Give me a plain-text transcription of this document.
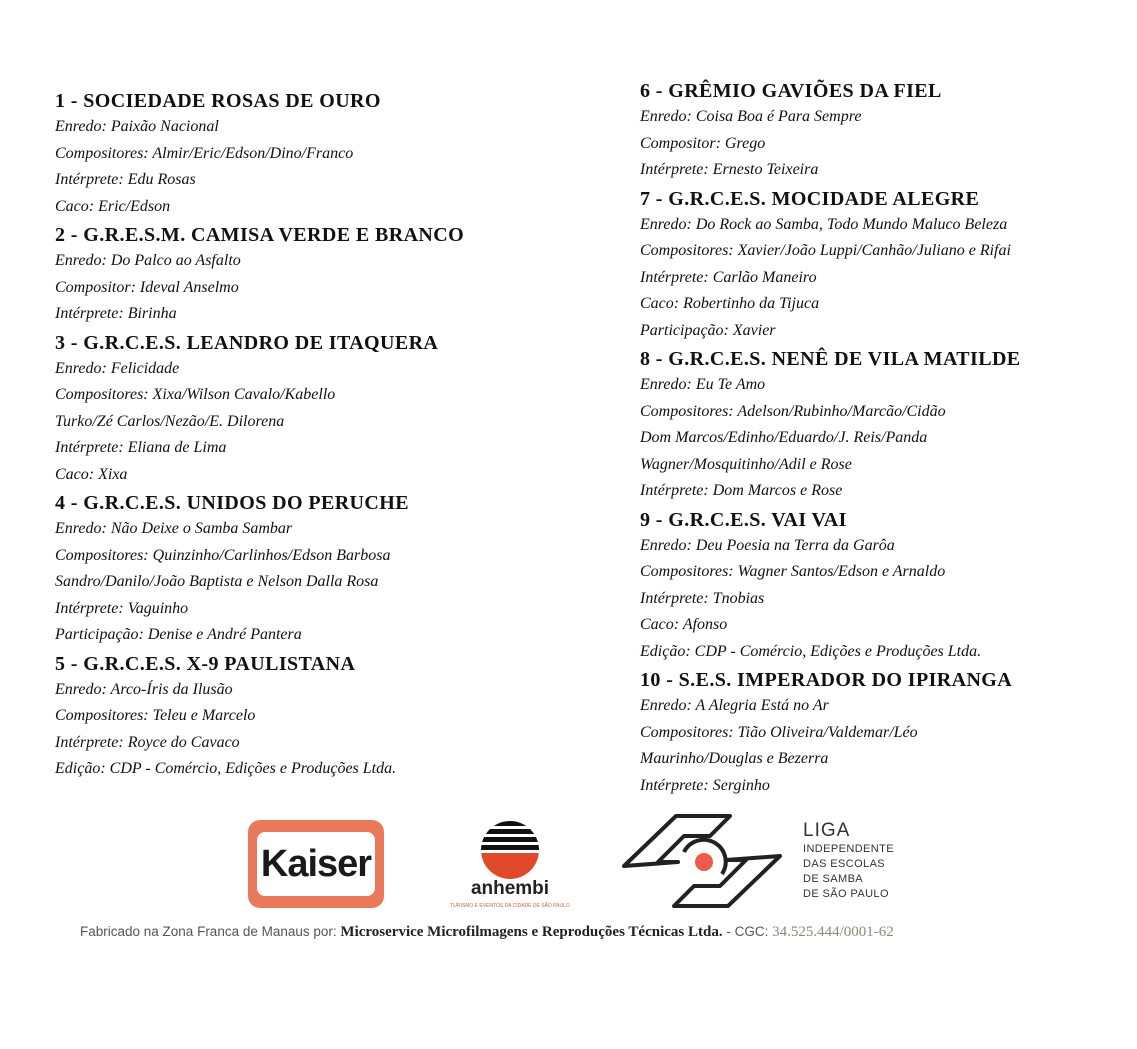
1 - SOCIEDADE ROSAS DE OURO
Enredo: Paixão Nacional
Compositores: Almir/Eric/Edson/Dino/Franco
Intérprete: Edu Rosas
Caco: Eric/Edson
2 - G.R.E.S.M. CAMISA VERDE E BRANCO
Enredo: Do Palco ao Asfalto
Compositor: Ideval Anselmo
Intérprete: Birinha
3 - G.R.C.E.S. LEANDRO DE ITAQUERA
Enredo: Felicidade
Compositores: Xixa/Wilson Cavalo/Kabello
Turko/Zé Carlos/Nezão/E. Dilorena
Intérprete: Eliana de Lima
Caco: Xixa
4 - G.R.C.E.S. UNIDOS DO PERUCHE
Enredo: Não Deixe o Samba Sambar
Compositores: Quinzinho/Carlinhos/Edson Barbosa
Sandro/Danilo/João Baptista e Nelson Dalla Rosa
Intérprete: Vaguinho
Participação: Denise e André Pantera
5 - G.R.C.E.S. X-9 PAULISTANA
Enredo: Arco-Íris da Ilusão
Compositores: Teleu e Marcelo
Intérprete: Royce do Cavaco
Edição: CDP - Comércio, Edições e Produções Ltda.
6 - GRÊMIO GAVIÕES DA FIEL
Enredo: Coisa Boa é Para Sempre
Compositor: Grego
Intérprete: Ernesto Teixeira
7 - G.R.C.E.S. MOCIDADE ALEGRE
Enredo: Do Rock ao Samba, Todo Mundo Maluco Beleza
Compositores: Xavier/João Luppi/Canhão/Juliano e Rifai
Intérprete: Carlão Maneiro
Caco: Robertinho da Tijuca
Participação: Xavier
8 - G.R.C.E.S. NENÊ DE VILA MATILDE
Enredo: Eu Te Amo
Compositores: Adelson/Rubinho/Marcão/Cidão
Dom Marcos/Edinho/Eduardo/J. Reis/Panda
Wagner/Mosquitinho/Adil e Rose
Intérprete: Dom Marcos e Rose
9 - G.R.C.E.S. VAI VAI
Enredo: Deu Poesia na Terra da Garôa
Compositores: Wagner Santos/Edson e Arnaldo
Intérprete: Tnobias
Caco: Afonso
Edição: CDP - Comércio, Edições e Produções Ltda.
10 - S.E.S. IMPERADOR DO IPIRANGA
Enredo: A Alegria Está no Ar
Compositores: Tião Oliveira/Valdemar/Léo
Maurinho/Douglas e Bezerra
Intérprete: Serginho
Kaiser
anhembi
TURISMO E EVENTOS DA CIDADE DE SÃO PAULO
LIGA
INDEPENDENTE
DAS ESCOLAS
DE SAMBA
DE SÃO PAULO
Fabricado na Zona Franca de Manaus por: Microservice Microfilmagens e Reproduções Técnicas Ltda. - CGC: 34.525.444/0001-62
